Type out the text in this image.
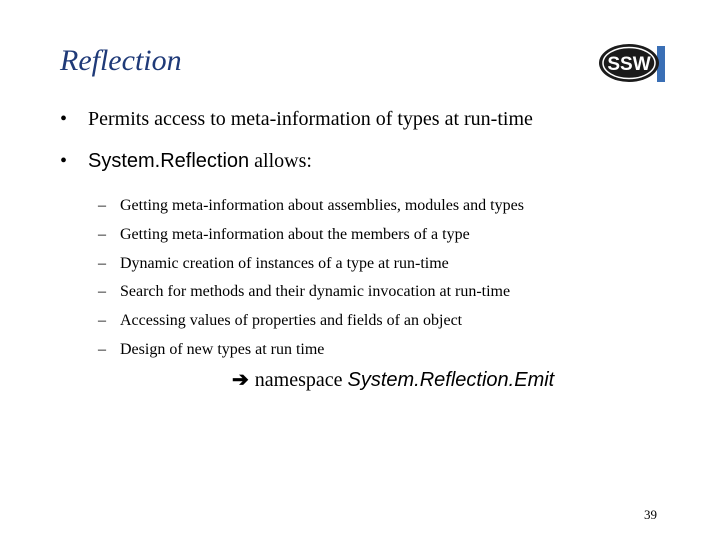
Reflection	SSW
• Permits access to meta-information of types at run-time
• System.Reflection allows:
– Getting meta-information about assemblies, modules and types
– Getting meta-information about the members of a type
– Dynamic creation of instances of a type at run-time
– Search for methods and their dynamic invocation at run-time
– Accessing values of properties and fields of an object
– Design of new types at run time
➔ namespace System.Reflection.Emit
39
